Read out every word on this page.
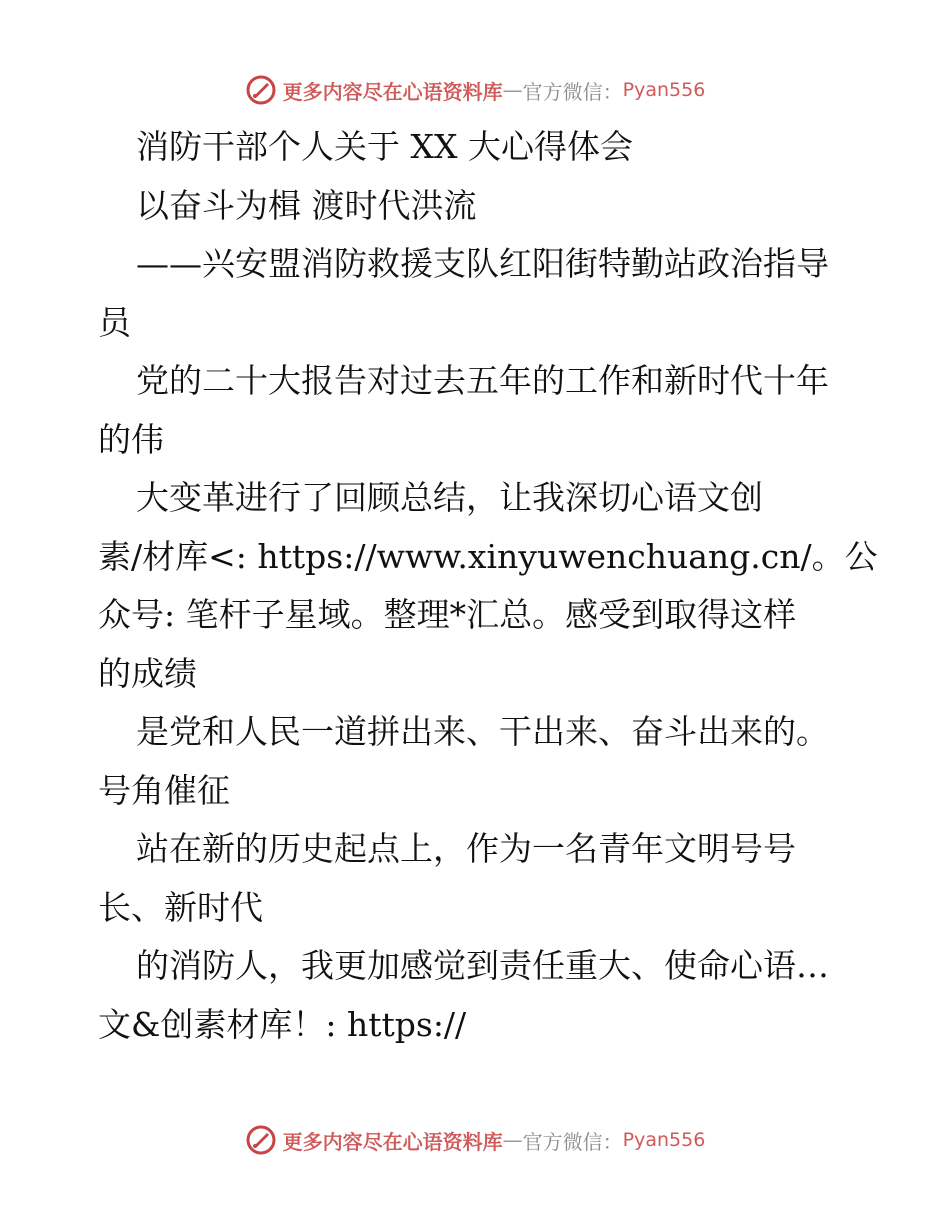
更多内容尽在心语资料库 — 官方微信： Pyan556
消防干部个人关于 XX 大心得体会
以奋斗为楫 渡时代洪流
——兴安盟消防救援支队红阳街特勤站政治指导
员
党的二十大报告对过去五年的工作和新时代十年
的伟
大变革进行了回顾总结，让我深切心语文创
素/材库<: https://www.xinyuwenchuang.cn/。公
众号: 笔杆子星域。整理*汇总。感受到取得这样
的成绩
是党和人民一道拼出来、干出来、奋斗出来的。
号角催征
站在新的历史起点上，作为一名青年文明号号
长、新时代
的消防人，我更加感觉到责任重大、使命心语…
文&创素材库！: https://
更多内容尽在心语资料库 — 官方微信： Pyan556
